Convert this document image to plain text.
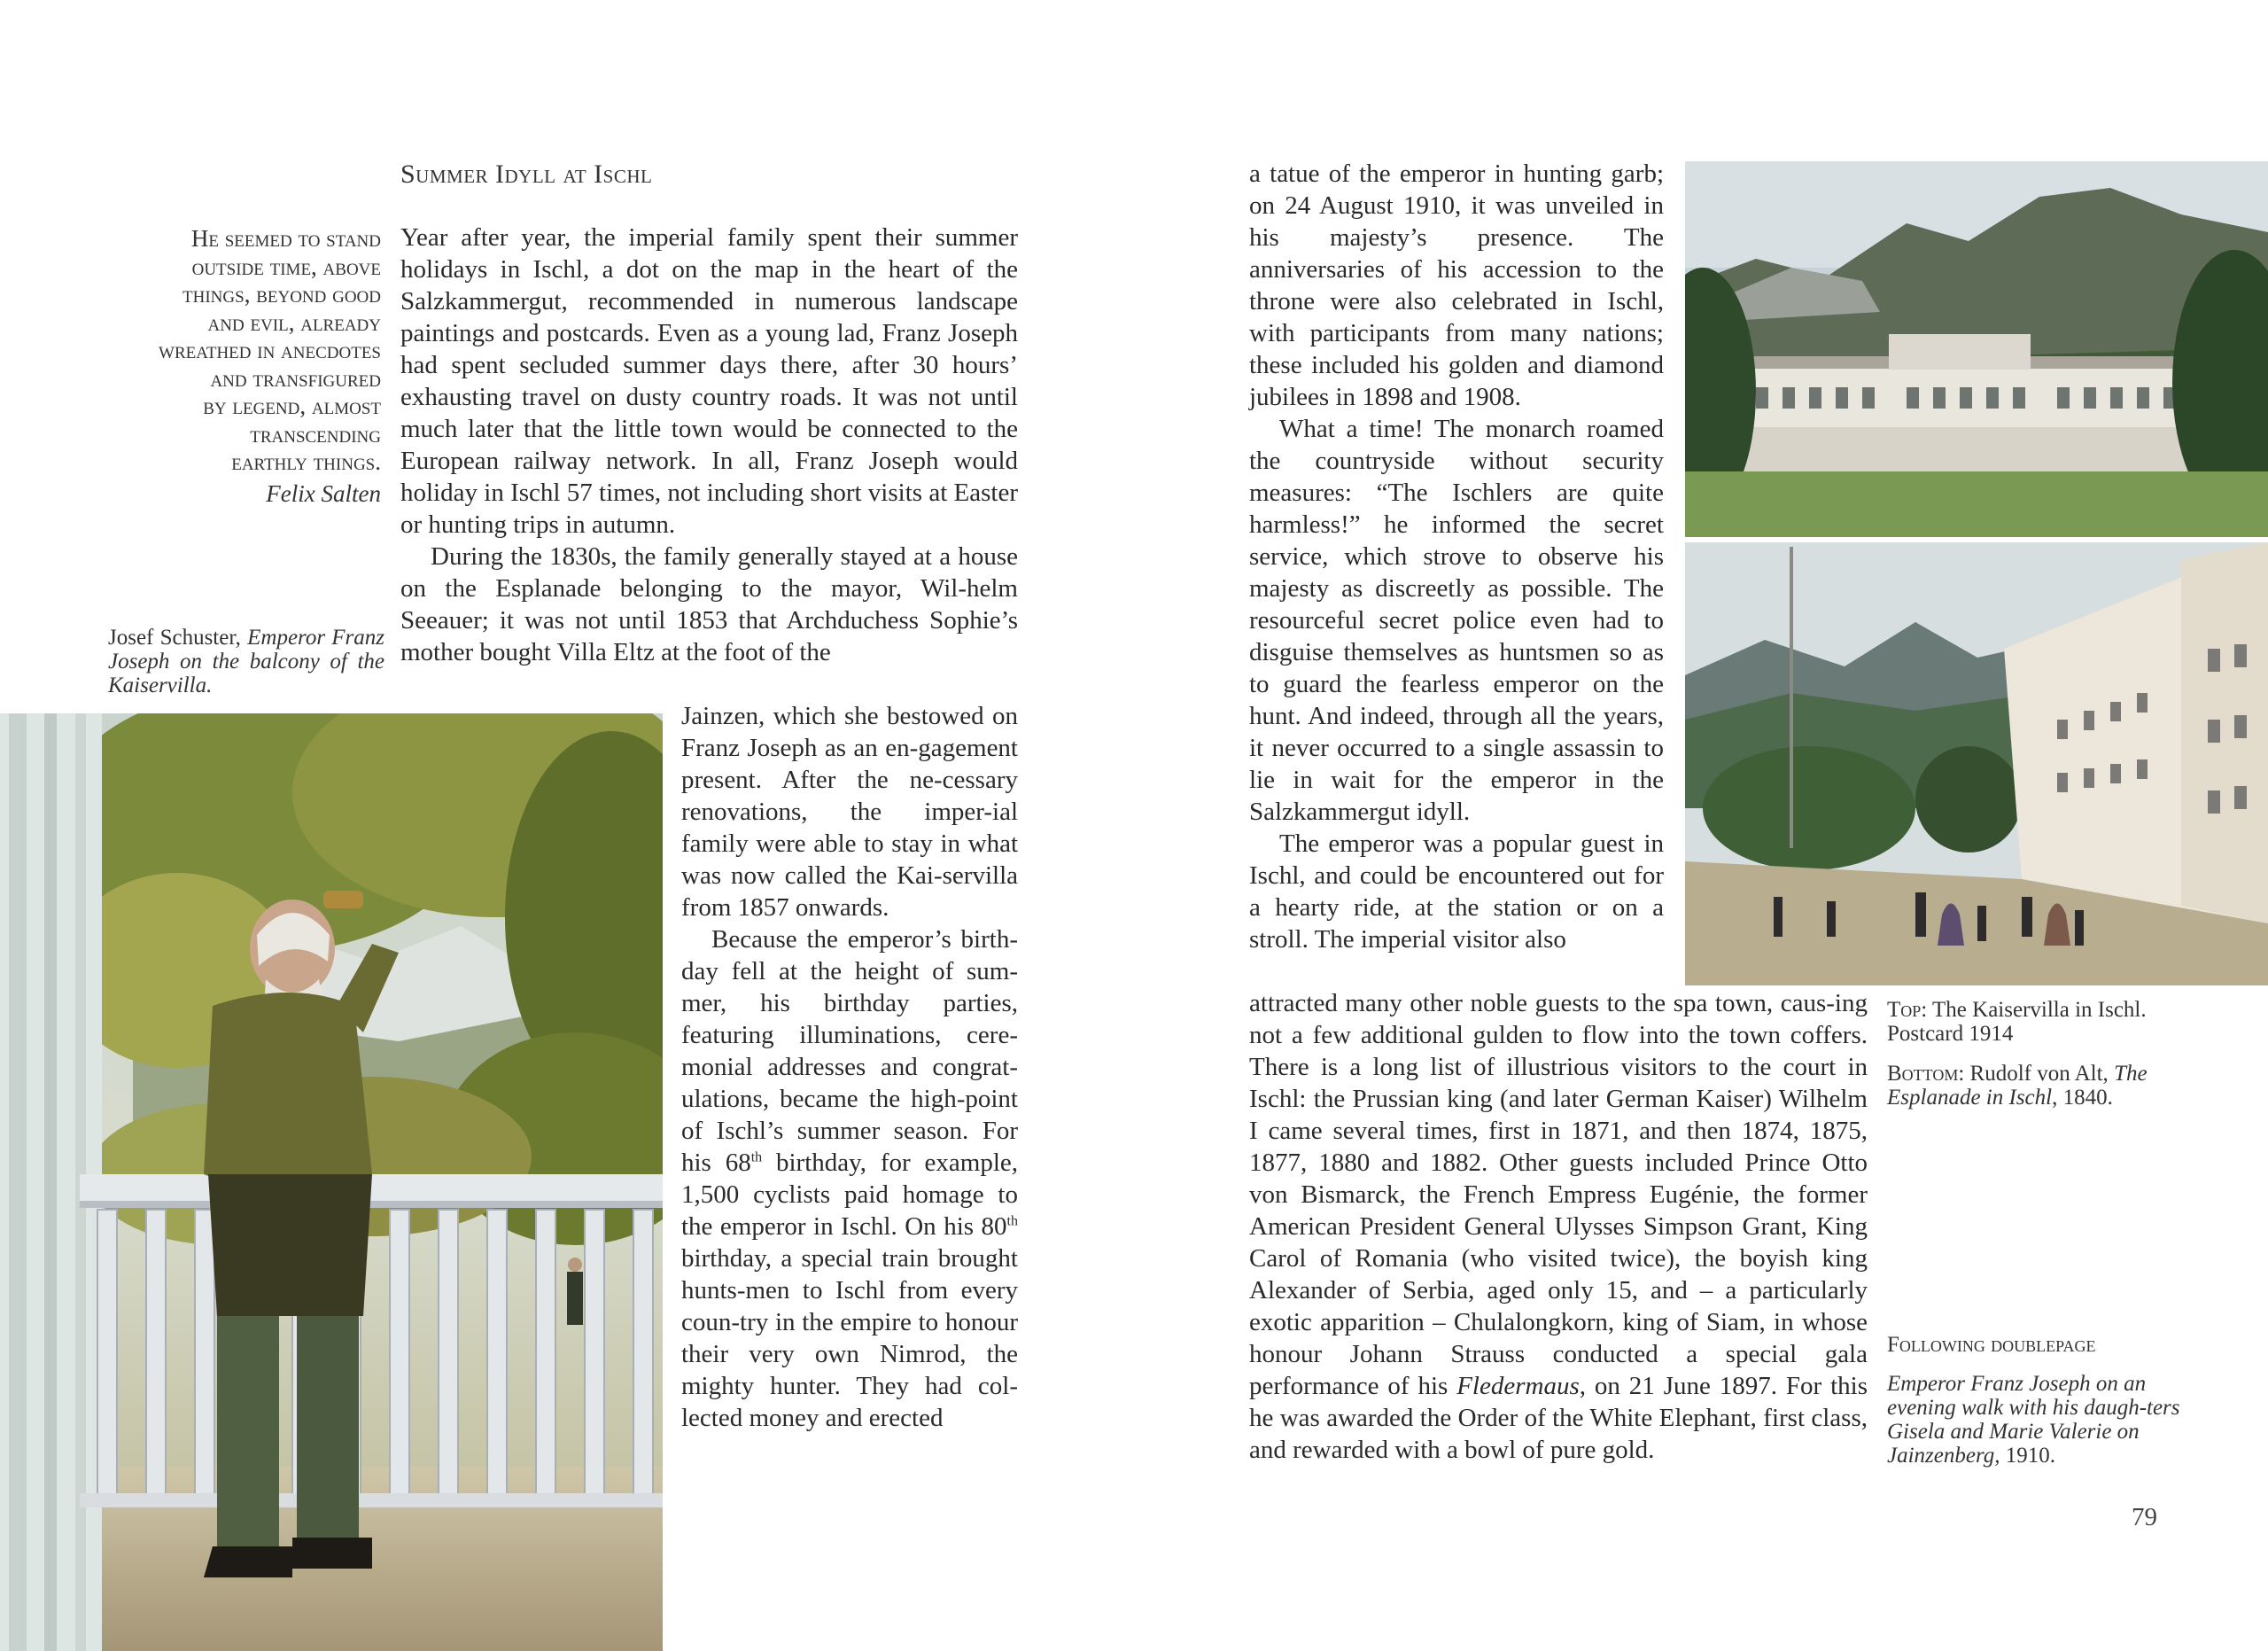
Summer Idyll at Ischl
He seemed to stand
outside time, above
things, beyond good
and evil, already
wreathed in anecdotes
and transfigured
by legend, almost
transcending
earthly things.
Felix Salten
Josef Schuster, Emperor Franz Joseph on the balcony of the Kaiservilla.

Year after year, the imperial family spent their summer holidays in Ischl, a dot on the map in the heart of the Salzkammergut, recommended in numerous landscape paintings and postcards. Even as a young lad, Franz Joseph had spent secluded summer days there, after 30 hours’ exhausting travel on dusty country roads. It was not until much later that the little town would be connected to the European railway network. In all, Franz Joseph would holiday in Ischl 57 times, not including short visits at Easter or hunting trips in autumn.

During the 1830s, the family generally stayed at a house on the Esplanade belonging to the mayor, Wil-helm Seeauer; it was not until 1853 that Archduchess Sophie’s mother bought Villa Eltz at the foot of the

Jainzen, which she bestowed on Franz Joseph as an en-gagement present. After the ne-cessary renovations, the imper-ial family were able to stay in what was now called the Kai-servilla from 1857 onwards.

Because the emperor’s birth-day fell at the height of sum-mer, his birthday parties, featuring illuminations, cere-monial addresses and congrat-ulations, became the high-point of Ischl’s summer season. For his 68th birthday, for example, 1,500 cyclists paid homage to the emperor in Ischl. On his 80th birthday, a special train brought hunts-men to Ischl from every coun-try in the empire to honour their very own Nimrod, the mighty hunter. They had col-lected money and erected

a tatue of the emperor in hunting garb; on 24 August 1910, it was unveiled in his majesty’s presence. The anniversaries of his accession to the throne were also celebrated in Ischl, with participants from many nations; these included his golden and diamond jubilees in 1898 and 1908.

What a time! The monarch roamed the countryside without security measures: “The Ischlers are quite harmless!” he informed the secret service, which strove to observe his majesty as discreetly as possible. The resourceful secret police even had to disguise themselves as huntsmen so as to guard the fearless emperor on the hunt. And indeed, through all the years, it never occurred to a single assassin to lie in wait for the emperor in the Salzkammergut idyll.

The emperor was a popular guest in Ischl, and could be encountered out for a hearty ride, at the station or on a stroll. The imperial visitor also

attracted many other noble guests to the spa town, caus-ing not a few additional gulden to flow into the town coffers. There is a long list of illustrious visitors to the court in Ischl: the Prussian king (and later German Kaiser) Wilhelm I came several times, first in 1871, and then 1874, 1875, 1877, 1880 and 1882. Other guests included Prince Otto von Bismarck, the French Empress Eugénie, the former American President General Ulysses Simpson Grant, King Carol of Romania (who visited twice), the boyish king Alexander of Serbia, aged only 15, and – a particularly exotic apparition – Chulalongkorn, king of Siam, in whose honour Johann Strauss conducted a special gala performance of his Fledermaus, on 21 June 1897. For this he was awarded the Order of the White Elephant, first class, and rewarded with a bowl of pure gold.

Top: The Kaiservilla in Ischl. Postcard 1914
Bottom: Rudolf von Alt, The Esplanade in Ischl, 1840.
Following doublepage
Emperor Franz Joseph on an evening walk with his daugh-ters Gisela and Marie Valerie on Jainzenberg, 1910.
79
